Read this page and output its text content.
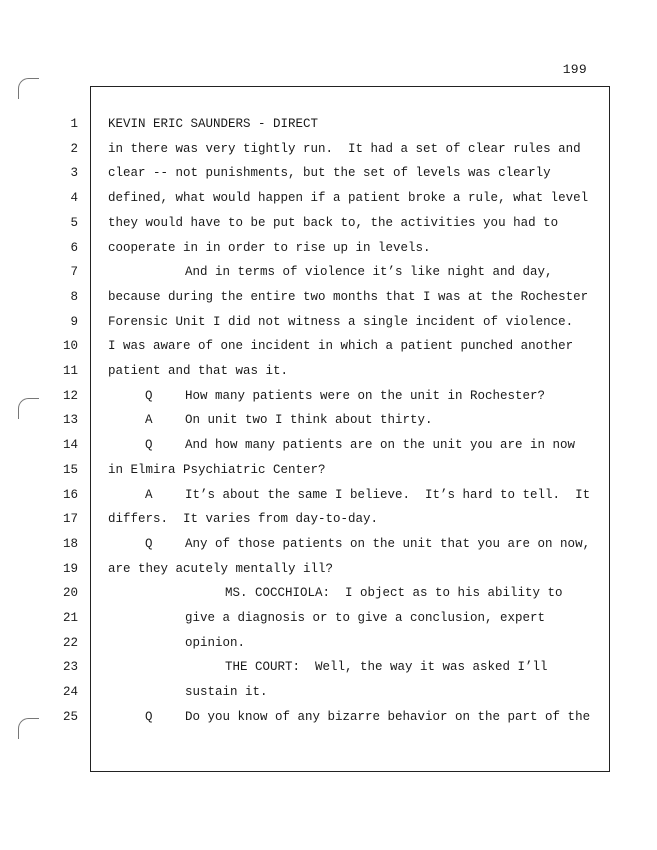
199
1 KEVIN ERIC SAUNDERS - DIRECT
2 in there was very tightly run.  It had a set of clear rules and
3 clear -- not punishments, but the set of levels was clearly
4 defined, what would happen if a patient broke a rule, what level
5 they would have to be put back to, the activities you had to
6 cooperate in in order to rise up in levels.
7	And in terms of violence it’s like night and day,
8 because during the entire two months that I was at the Rochester
9 Forensic Unit I did not witness a single incident of violence.
10 I was aware of one incident in which a patient punched another
11 patient and that was it.
12	Q	How many patients were on the unit in Rochester?
13	A	On unit two I think about thirty.
14	Q	And how many patients are on the unit you are in now
15 in Elmira Psychiatric Center?
16	A	It’s about the same I believe.  It’s hard to tell.  It
17 differs.  It varies from day-to-day.
18	Q	Any of those patients on the unit that you are on now,
19 are they acutely mentally ill?
20	MS. COCCHIOLA:  I object as to his ability to
21	give a diagnosis or to give a conclusion, expert
22	opinion.
23	THE COURT:  Well, the way it was asked I’ll
24	sustain it.
25	Q	Do you know of any bizarre behavior on the part of the
